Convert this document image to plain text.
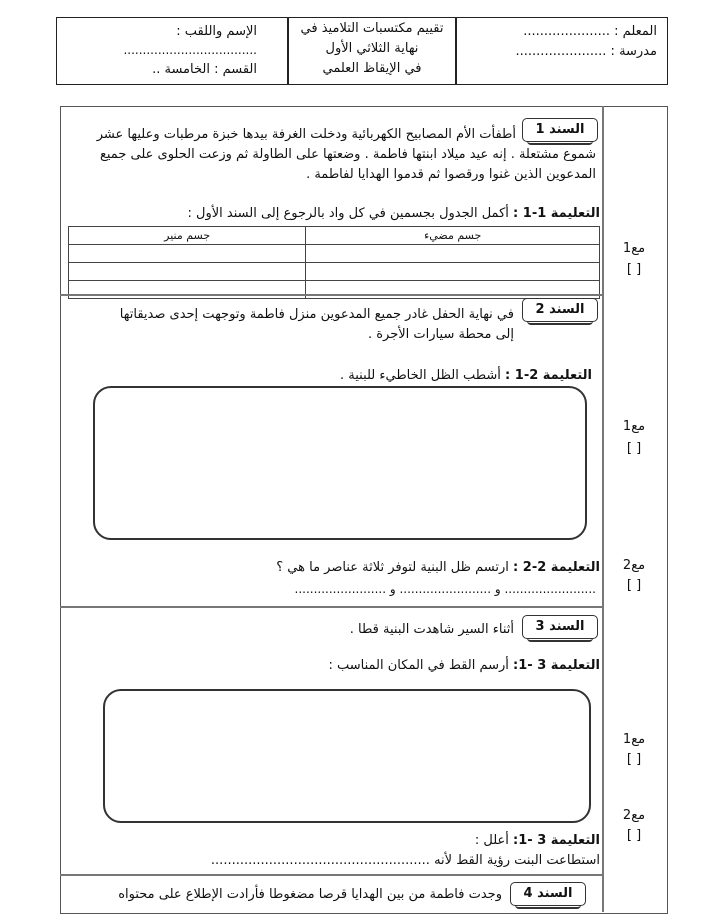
المعلم : .....................
مدرسة : ......................
تقييم مكتسبات التلاميذ في
نهاية الثلاثي الأول
في الإيقاظ العلمي
الإسم واللقب :
...................................
القسم : الخامسة ..
السند 1
أطفأت الأم المصابيح الكهربائية ودخلت الغرفة بيدها خبزة مرطبات وعليها عشر
شموع مشتعلة . إنه عيد ميلاد ابنتها فاطمة . وضعتها على الطاولة ثم وزعت الحلوى على جميع
المدعوين الذين غنوا ورقصوا ثم قدموا الهدايا لفاطمة .
التعليمة 1-1 : أكمل الجدول بجسمين في كل واد بالرجوع إلى السند الأول :
جسم مضيء	جسم منير

السند 2
في نهاية الحفل غادر جميع المدعوين منزل فاطمة وتوجهت إحدى صديقاتها
إلى محطة سيارات الأجرة .
التعليمة 2-1 : أشطب الظل الخاطيء للبنية .
التعليمة 2-2 : ارتسم ظل البنية لتوفر ثلاثة عناصر ما هي ؟
........................ و ........................ و ........................
السند 3
أثناء السير شاهدت البنية قطا .
التعليمة 3 -1: أرسم القط في المكان المناسب :
التعليمة 3 -1: أعلل :
استطاعت البنت رؤية القط لأنه .....................................................
السند 4
وجدت فاطمة من بين الهدايا قرصا مضغوطا فأرادت الإطلاع على محتواه
مع1
[ ]
مع1
[ ]
مع2
[ ]
مع1
[ ]
مع2
[ ]
